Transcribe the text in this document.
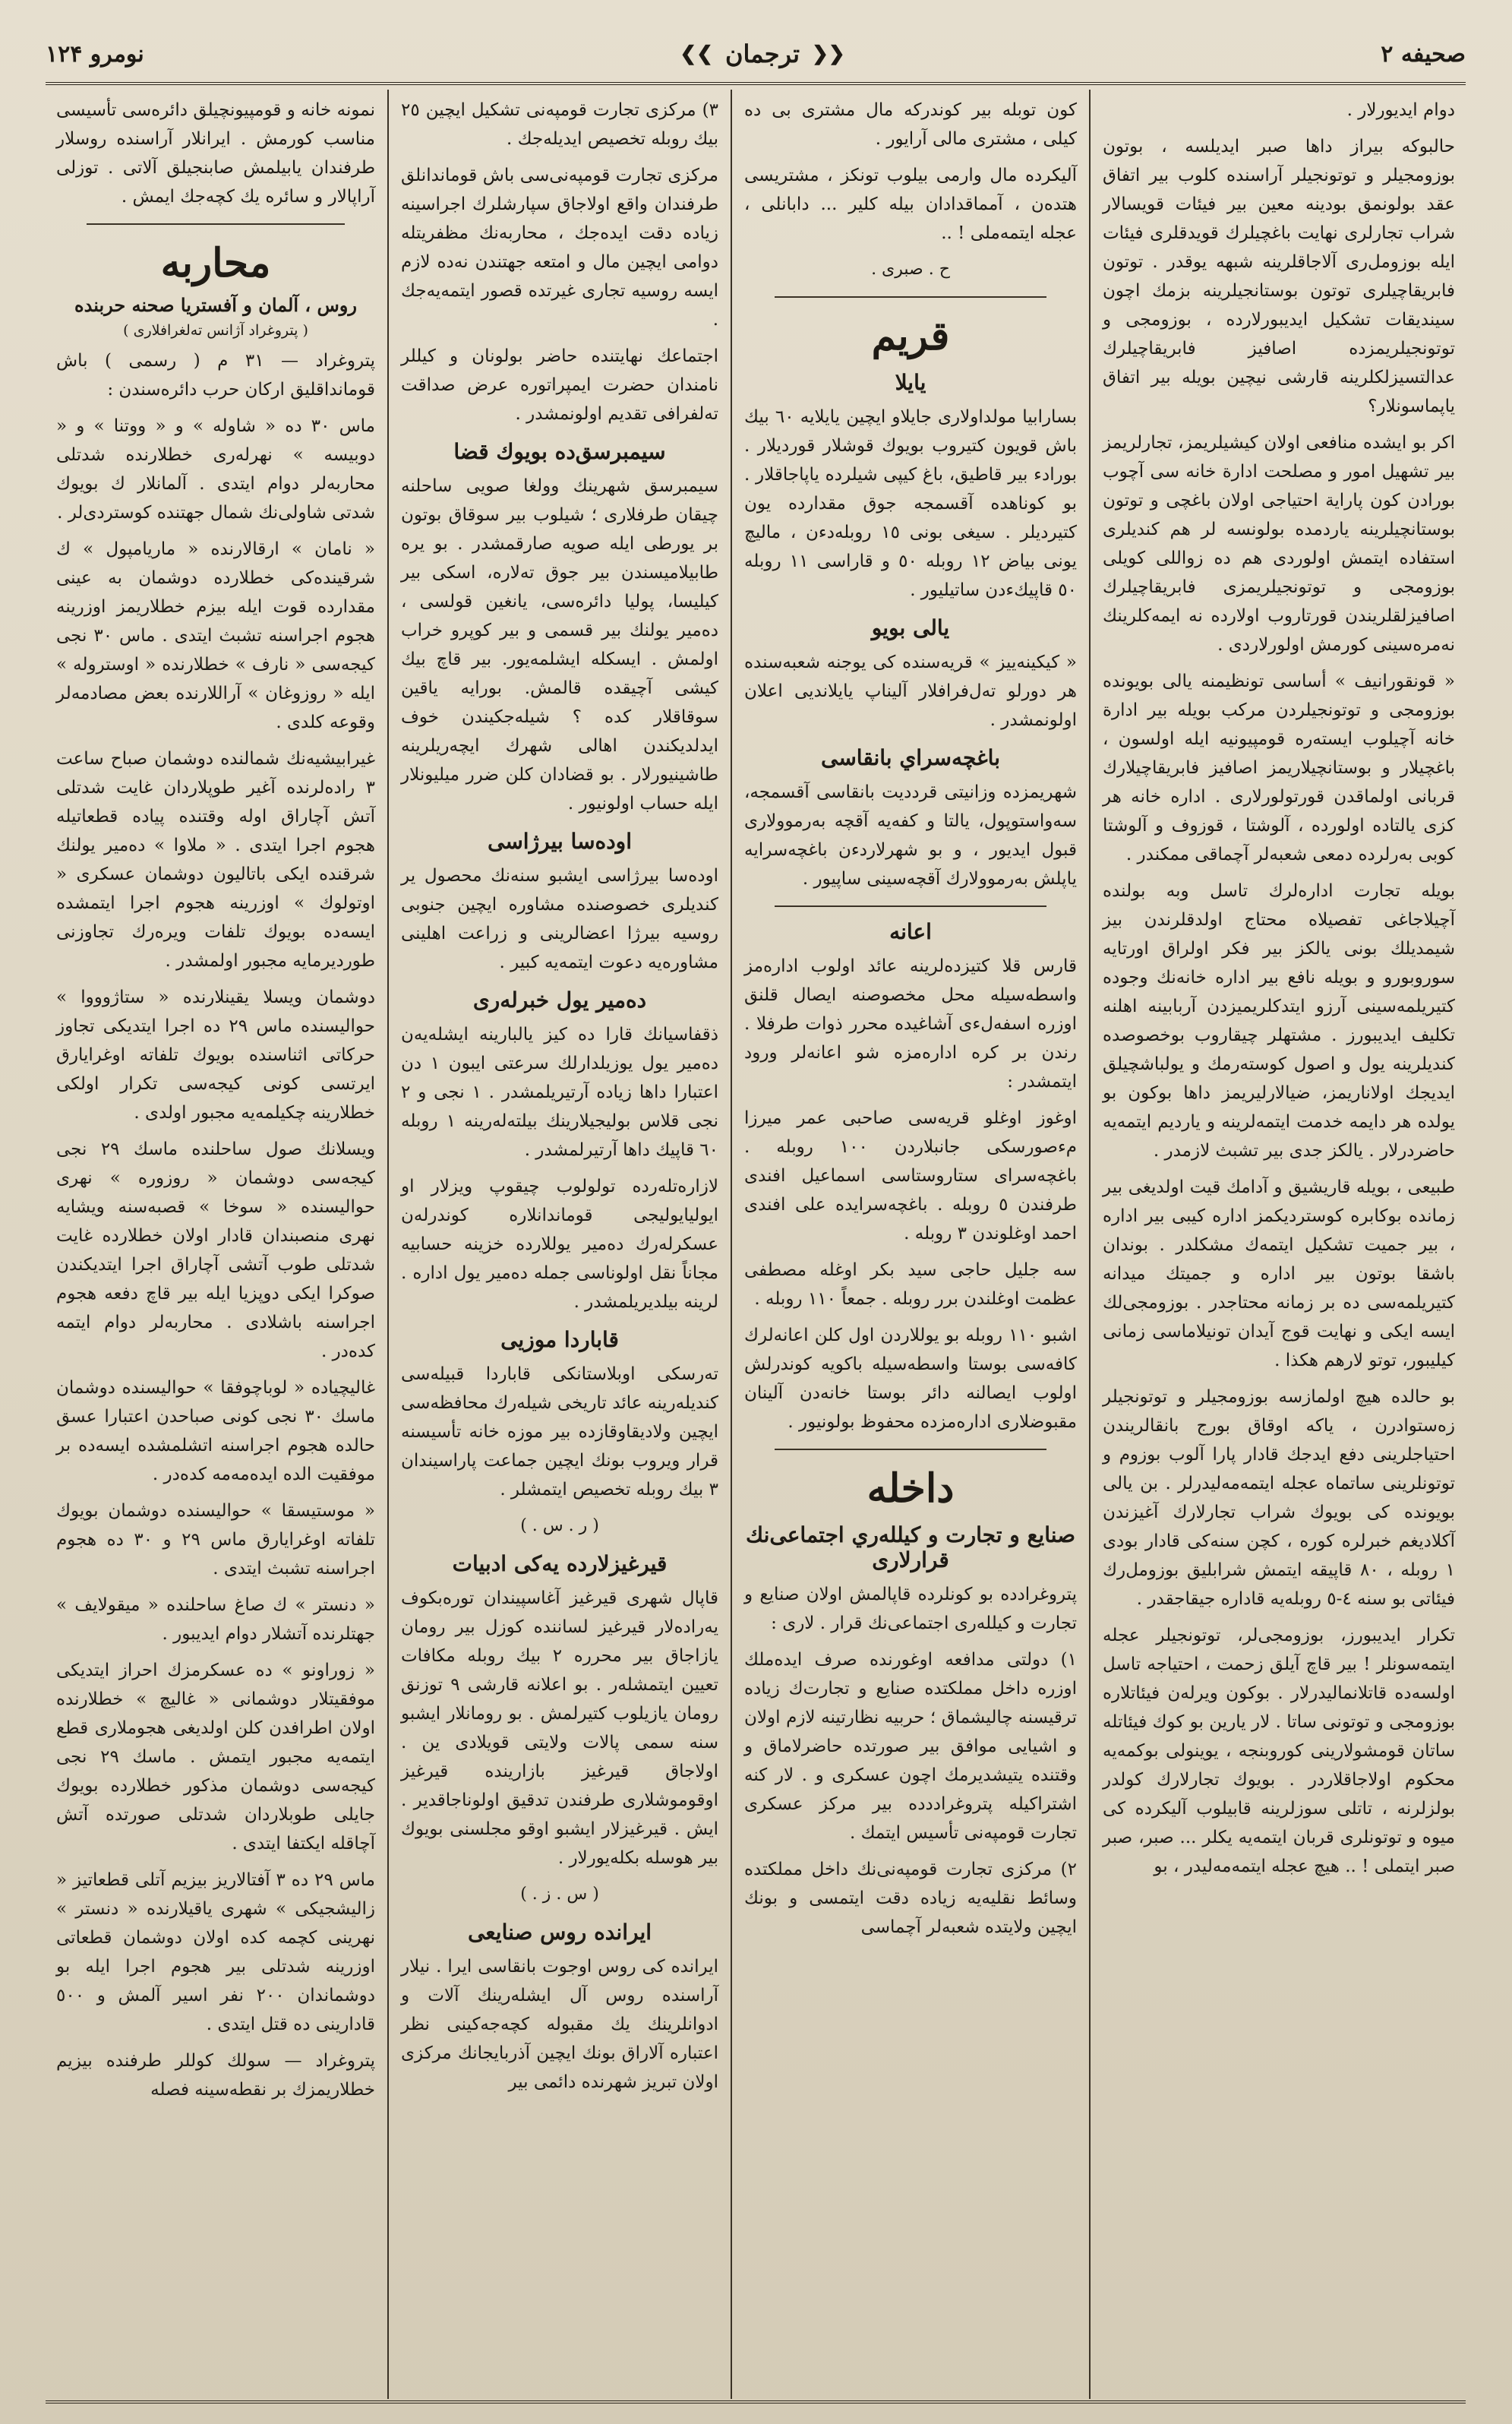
صحيفه ۲
❮❮
ترجمان
❯❯
نومرو ۱۲۴

دوام ايديورلار .

حالبوكه بيراز داها صبر ايديلسه ، بوتون بوزومجيلر و توتونجيلر آراسنده كلوب بير اتفاق عقد بولونمق بودينه معين بير فيئات قويسالار شراب تجارلرى نهايت باغچيلرك قويدقلرى فيئات ايله بوزومل‌رى آلاجاقلرينه شبهه يوقدر . توتون فابريقاچيلرى توتون بوستانجيلرينه بزمك اچون سينديقات تشكيل ايديبورلارده ، بوزومجى و توتونجيلريمزده اصافيز فابريقاچيلرك عدالتسيزلكلرينه قارشى نيچين بويله بير اتفاق ياپماسونلار؟

اكر بو ايشده منافعى اولان كيشيلريمز، تجارلريمز بير تشهيل امور و مصلحت ادارة خانه سى آچوب بورادن كون پاراية احتياجى اولان باغچى و توتون بوستانچيلرينه ياردمده بولونسه لر هم كنديلرى استفاده ايتمش اولوردى هم ده زواللى كويلى بوزومجى و توتونجيلريمزى فابريقاچيلرك اصافيزلقلريندن قورتاروب اولارده نه ايمه‌كلرينك نه‌مره‌سينى كورمش اولورلاردى .

« قونقورانيف » أساسى تونظيمنه يالى بويونده بوزومجى و توتونجيلردن مركب بويله بير ادارة خانه آچيلوب ايسته‌ره قومپيونيه ايله اولسون ، باغچيلار و بوستانچيلاريمز اصافيز فابريقاچيلارك قربانى اولماقدن قورتولورلارى . اداره خانه هر كزى يالتاده اولورده ، آلوشتا ، قوزوف و آلوشتا كوبى به‌رلرده دمعى شعبه‌لر آچماقى ممكندر .

بويله تجارت اداره‌لرك تاسل وبه بولنده آچيلاجاغى تفصيلاه محتاج اولدقلرندن بيز شيمديلك بونى يالكز بير فكر اولراق اورتايه سوروبورو و بويله نافع بير اداره خانه‌نك وجوده كتيريلمه‌سينى آرزو ايتدكلريميزدن آربابينه اهلنه تكليف ايديبورز . مشتهلر چيقاروب بوخصوصده كنديلرينه يول و اصول كوسته‌رمك و يولباشچيلق ايديجك اولاناريمز، ضيالارليريمز داها بوكون بو يولده هر دايمه خدمت ايتمه‌لرينه و يارديم ايتمه‌يه حاضر‌درلار . يالكز جدى بير تشبث لازمدر .

طبيعى ، بويله قاريشيق و آدامك قيت اولديغى بير زمانده بوكابره كوسترديكمز اداره كيبى بير اداره ، بير جميت تشكيل ايتمه‌ك مشكلدر . بوندان باشقا بوتون بير اداره و جميتك ميدانه كتيريلمه‌سى ده بر زمانه محتاجدر . بوزومجى‌لك ايسه ايكى و نهايت قوج آيدان تونيلاماسى زمانى كيليبور، توتو لارهم هكذا .

بو حالده هيچ اولمازسه بوزومجيلر و توتونجيلر زه‌ستوادرن ، ياكه اوقاق بورج بانقالريندن احتياجلرينى دفع ايدجك قادار پارا آلوب بوزوم و توتونلرينى ساتماه عجله ايتمه‌مه‌ليدرلر . بن يالى بويونده كى بويوك شراب تجارلارك آغيزندن آكلاديغم خبرلره كوره ، كچن سنه‌كى قادار بودى ۱ روبله ، ۸۰ قاپيقه ايتمش شرابليق بوزومل‌رك فيئاتى بو سنه ٤-٥ روبله‌يه قاداره جيقاجقدر .

تكرار ايديبورز، بوزومجى‌لر، توتونجيلر عجله ايتمه‌سونلر ! بير قاچ آيلق زحمت ، احتياجه تاسل اولسه‌ده قاتلانماليدرلار . بوكون ويرله‌ن فيئاتلاره بوزومجى و توتونى ساتا . لار يارين بو كوك فيئاتله ساتان قومشولارينى كوروبنجه ، يوينولى بوكمه‌يه محكوم اولاجاقلاردر . بويوك تجارلارك كولدر بولزلرنه ، تاتلى سوزلرينه قابيلوب آليكرده كى ميوه و توتونلرى قربان ايتمه‌يه يكلر ... صبر، صبر صبر ايتملى ! .. هيچ عجله ايتمه‌مه‌ليدر ، بو

كون توبله بير كوندركه مال مشترى بى ده كيلى ، مشترى مالى آرايور .

آليكرده مال وارمى بيلوب تونكز ، مشتريسى هتده‌ن ، آمماقدادان بيله كلير ... دابانلى ، عجله ايتمه‌ملى ! ..

ح . صبرى .

قريم
يايلا

بسارابيا مولداولارى جايلاو ايچين يايلايه ٦٠ بيك باش قويون كتيروب بويوك قوشلار قورديلار . بورادء بير قاطيق، باغ كيپى شيلرده ياپاجاقلار . بو كوناهده آقسمجه جوق مقدارده يون كتيرديلر . سيغى بونى ۱٥ روبله‌دءن ، ماليچ يونى بياض ۱۲ روبله ٥٠ و قاراسى ۱۱ روبله ٥٠ قاپيكءدن ساتيليور .

يالى بويو

« كيكينه‌ييز » قريه‌سنده كى يوجنه شعبه‌سنده هر دورلو ته‌ل‌فرافلار آليناپ يايلانديى اعلان اولونمشدر .

باغچه‌سراي بانقاسى

شهريمزده وزانيتى قردديت بانقاسى آقسمجه، سه‌واستوپول، يالتا و كفه‌يه آقچه به‌رموولارى قبول ايديور ، و بو شهرلاردءن باغچه‌سرايه ياپلش به‌رموولارك آقچه‌سينى ساپيور .

اعانه

قارس قلا كتيزده‌لرينه عائد اولوب اداره‌مز واسطه‌سيله محل مخصوصنه ايصال قلنق اوزره اسفه‌لءى آشاغيده محرر ذوات طرفلا . رندن بر كره اداره‌مزه شو اعانه‌لر ورود ايتمشدر :

اوغوز اوغلو قريه‌سى صاحبى عمر ميرزا مءصورسكى جانبلاردن ١٠٠ روبله . باغچه‌سراى ستاروستاسى اسماعيل افندى طرفندن ٥ روبله . باغچه‌سرايده على افندى احمد اوغلوندن ٣ روبله .

سه جليل حاجى سيد بكر اوغله مصطفى عظمت اوغلندن برر روبله . جمعاً ١١٠ روبله .

اشبو ١١٠ روبله بو يوللاردن اول كلن اعانه‌لرك كافه‌سى بوستا واسطه‌سيله باكويه كوندرلش اولوب ايصالنه دائر بوستا خانه‌دن آلينان مقبوضلارى اداره‌مزده محفوظ بولونيور .

داخله
صنايع و تجارت و كيلله‌ري اجتماعى‌نك قرارلارى

پتروغرادده بو كونلرده قاپالمش اولان صنايع و تجارت و كيلله‌رى اجتماعى‌نك قرار . لارى :

١) دولتى مدافعه اوغورنده صرف ايده‌ملك اوزره داخل مملكتده صنايع و تجارت‌ك زياده ترقيسنه چاليشماق ؛ حربيه نظارتينه لازم اولان و اشيايى موافق بير صورتده حاضرلاماق و وقتنده يتيشديرمك اچون عسكرى و . لار كنه اشتراكيله پتروغراددده بير مركز عسكرى تجارت قومپه‌نى تأسيس ايتمك .

٢) مركزى تجارت قومپه‌نى‌نك داخل مملكتده وسائط نقليه‌يه زياده دقت ايتمسى و بونك ايچين ولايتده شعبه‌لر آچماسى

٣) مركزى تجارت قومپه‌نى تشكيل ايچين ٢٥ بيك روبله تخصيص ايديله‌جك .

مركزى تجارت قومپه‌نى‌سى باش قوماندانلق طرفندان واقع اولاجاق سپارشلرك اجراسينه زياده دقت ايده‌جك ، محاربه‌نك مظفريتله دوامى ايچين مال و امتعه جهتندن نه‌ده لازم ايسه روسيه تجارى غيرتده قصور ايتمه‌يه‌جك .

اجتماعك نهايتنده حاضر بولونان و كيللر نامندان حضرت ايمپراتوره عرض صداقت ته‌لفرافى تقديم اولونمشدر .

سيمبرسق‌ده بويوك قضا

سيمبرسق شهرينك وولغا صويى ساحلنه چيقان طرفلارى ؛ شيلوب بير سوقاق بوتون بر يورطى ايله صويه صارقمشدر . بو يره طابيلاميسندن بير جوق ته‌لاره، اسكى بير كيليسا، پوليا دائره‌سى، يانغين قولسى ، ده‌مير يولنك بير قسمى و بير كوپرو خراب اولمش . ايسكله ايشلمه‌يور. بير قاچ بيك كيشى آچيقده قالمش. بورايه ياقين سوقاقلار كده ؟ شيله‌جكيندن خوف ايدلديكندن اهالى شهرك ايچه‌ريلرينه طاشينيورلار . بو قضادان كلن ضرر ميليونلار ايله حساب اولونيور .

اوده‌سا بيرژاسى

اوده‌سا بيرژاسى ايشبو سنه‌نك محصول ير كنديلرى خصوصنده مشاوره ايچين جنوبى روسيه بيرژا اعضالرينى و زراعت اهلينى مشاوره‌يه دعوت ايتمه‌يه كبير .

ده‌مير يول خبرله‌رى

ذقفاسيانك قارا ده كيز يالبارينه ايشله‌يه‌ن ده‌مير يول يوزيلدارلك سرعتى ايبون ١ دن اعتبارا داها زياده آرتيريلمشدر . ١ نجى و ٢ نجى قلاس بوليجيلارينك بيلته‌له‌رينه ١ روبله ٦٠ قاپيك داها آرتيرلمشدر .

لازاره‌تله‌رده تولولوب چيقوپ ويزلار او ايوليايوليجى قوماندانلاره كوندرله‌ن عسكرله‌رك ده‌مير يوللارده خزينه حسابيه مجاناً نقل اولوناسى جمله ده‌مير يول اداره . لرينه بيلديريلمشدر .

قاباردا موزيى

ته‌رسكى اوبلاستانكى قاباردا قبيله‌سى كنديله‌رينه عائد تاريخى شيله‌رك محافظه‌سى ايچين ولاديقاوقازده بير موزه خانه تأسيسنه قرار ويروب بونك ايچين جماعت پاراسيندان ٣ بيك روبله تخصيص ايتمشلر .

( ر . س . )

قيرغيزلارده يه‌كى ادبيات

قاپال شهرى قيرغيز آغاسپيندان تورە‌بكوف يه‌رادە‌لار قيرغيز لسانندە كوزل بير رومان يازاجاق بير محرره ٢ بيك روبله مكافات تعيين ايتمشلەر . بو اعلانه قارشى ٩ توزنق رومان يازيلوب كتيرلمش . بو رومانلار ايشبو سنه سمى پالات ولايتى قويلادى ين . اولاجاق قيرغيز بازارينده قيرغيز اوقوموشلارى طرفندن تدقيق اولوناجاقدير . ايش . قيرغيزلار ايشبو اوقو مجلسنى بويوك بير هوسله بكله‌يورلار .

( س . ز . )

ايرانده روس صنايعى

ايرانده كى روس اوجوت بانقاسى ايرا . نيلار آراسنده روس آل ايشله‌رينك آلات و ادوانلرينك يك مقبوله كچه‌جه‌كينى نظر اعتباره آلاراق بونك ايچين آذربايجانك مركزى اولان تبريز شهرنده دائمى بير

نمونه خانه و قومپيونچيلق دائره‌سى تأسيسى مناسب كورمش . ايرانلار آراسنده روسلار طرفندان يابيلمش صابنجيلق آلاتى . توزلى آراپالار و سائره يك كچه‌جك ايمش .

محاربه
روس ، آلمان و آفستريا صحنه حربنده
( پتروغراد آژانس ته‌لغرافلارى )

پتروغراد — ٣١ م ( رسمى ) باش قومانداقليق اركان حرب دائره‌سندن :

ماس ٣٠ ده « شاوله » و « ووتنا » و « دوبيسه » نهرله‌رى خطلارنده شدتلى محاربه‌لر دوام ايتدى . آلمانلار ك بويوك شدتى شاولى‌نك شمال جهتنده كوستردى‌لر .

« نامان » ارقالارنده « ماريامپول » ك شرقينده‌كى خطلارده دوشمان به عينى مقدارده قوت ايله بيزم خطلاريمز اوزرينه هجوم اجراسنه تشبث ايتدى . ماس ٣٠ نجى كيجه‌سى « نارف » خطلارنده « اوستروله » ايله « روزوغان » آراللارنده بعض مصادمه‌لر وقوعه كلدى .

غيرابيشيه‌نك شمالنده دوشمان صباح ساعت ٣ راده‌لرنده آغير طوپلاردان غايت شدتلى آتش آچاراق اوله وقتنده پياده قطعاتيله هجوم اجرا ايتدى . « ملاوا » ده‌مير يولنك شرقنده ايكى باتاليون دوشمان عسكرى « اوتولوك » اوزرينه هجوم اجرا ايتمشده ايسه‌ده بويوك تلفات ويره‌رك تجاوزنى طورديرمايه مجبور اولمشدر .

دوشمان ويسلا يقينلارنده « ستاژوووا » حواليسنده ماس ٢٩ ده اجرا ايتديكى تجاوز حركاتى اثناسنده بويوك تلفاته اوغرايارق ايرتسى كونى كيجه‌سى تكرار اولكى خطلارينه چكيلمه‌يه مجبور اولدى .

ويسلانك صول ساحلنده ماسك ٢٩ نجى كيجه‌سى دوشمان « روزوره » نهرى حواليسنده « سوخا » قصبه‌سنه ويشايه نهرى منصبندان قادار اولان خطلارده غايت شدتلى طوب آتشى آچاراق اجرا ايتديكندن صوكرا ايكى دوپزيا ايله بير قاچ دفعه هجوم اجراسنه باشلادى . محاربه‌لر دوام ايتمه كده‌در .

غاليچياده « لوباچوفقا » حواليسنده دوشمان ماسك ٣٠ نجى كونى صباحدن اعتبارا عسق حالده هجوم اجراسنه اتشلمشده ايسه‌ده بر موفقيت الده ايده‌مه‌مه كده‌در .

« موستيسقا » حواليسنده دوشمان بويوك تلفاته اوغرايارق ماس ٢٩ و ٣٠ ده هجوم اجراسنه تشبث ايتدى .

« دنستر » ك صاغ ساحلنده « ميقولايف » جهتلرنده آتشلار دوام ايديبور .

« زوراونو » ده عسكرمزك احراز ايتديكى موفقيتلار دوشمانى « غاليچ » خطلارنده اولان اطرافدن كلن اولديغى هجوملارى قطع ايتمه‌يه مجبور ايتمش . ماسك ٢٩ نجى كيجه‌سى دوشمان مذكور خطلارده بويوك جايلى طوبلاردان شدتلى صورتده آتش آچاقله ايكتفا ايتدى .

ماس ٢٩ ده ٣ آفتالاريز بيزيم آتلى قطعاتيز « زاليشجيكى » شهرى ياقيلارنده « دنستر » نهرينى كچمه كده اولان دوشمان قطعاتى اوزرينه شدتلى بير هجوم اجرا ايله بو دوشماندان ٢٠٠ نفر اسير آلمش و ٥٠٠ قادارينى ده قتل ايتدى .

پتروغراد — سولك كوللر طرفنده بيزيم خطلاريمزك بر نقطه‌سينه فصله
